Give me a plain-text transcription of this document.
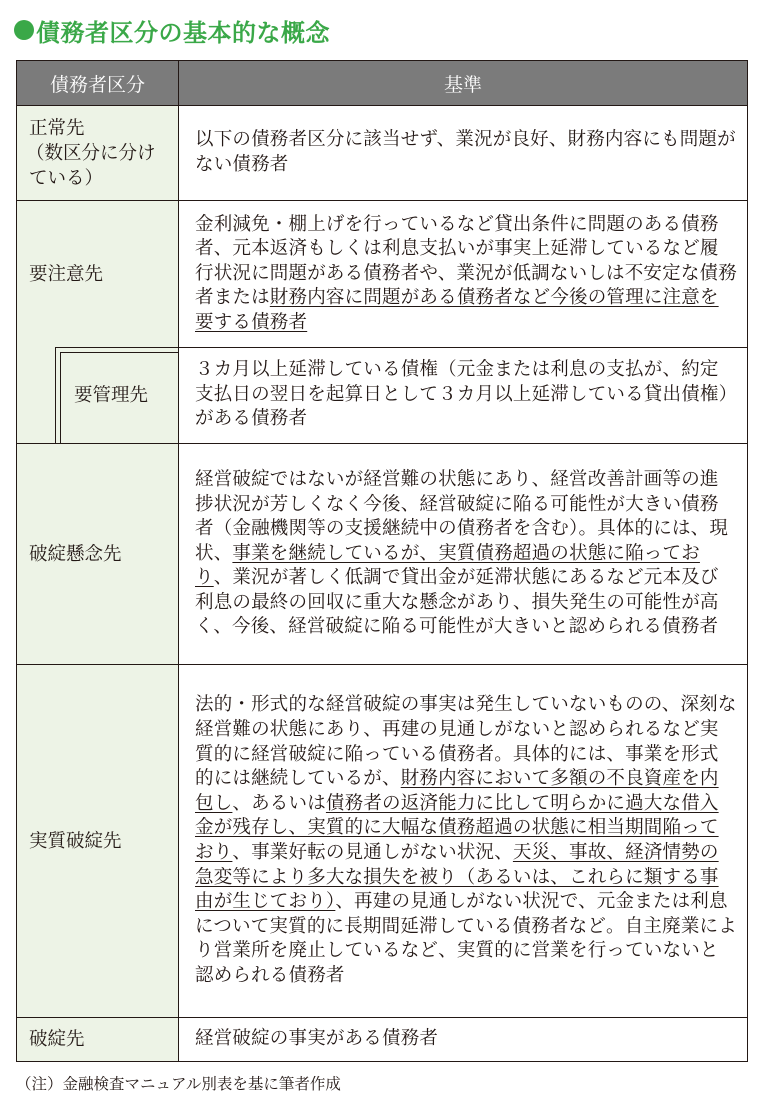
債務者区分の基本的な概念
債務者区分	基準
正常先
（数区分に分け
ている）
要注意先
要管理先
破綻懸念先
実質破綻先
破綻先

以下の債務者区分に該当せず、業況が良好、財務内容にも問題がない債務者

金利減免・棚上げを行っているなど貸出条件に問題のある債務者、元本返済もしくは利息支払いが事実上延滞しているなど履行状況に問題がある債務者や、業況が低調ないしは不安定な債務者または財務内容に問題がある債務者など今後の管理に注意を要する債務者

３カ月以上延滞している債権（元金または利息の支払が、約定支払日の翌日を起算日として３カ月以上延滞している貸出債権）がある債務者

経営破綻ではないが経営難の状態にあり、経営改善計画等の進捗状況が芳しくなく今後、経営破綻に陥る可能性が大きい債務者（金融機関等の支援継続中の債務者を含む）。具体的には、現状、事業を継続しているが、実質債務超過の状態に陥っており、業況が著しく低調で貸出金が延滞状態にあるなど元本及び利息の最終の回収に重大な懸念があり、損失発生の可能性が高く、今後、経営破綻に陥る可能性が大きいと認められる債務者

法的・形式的な経営破綻の事実は発生していないものの、深刻な経営難の状態にあり、再建の見通しがないと認められるなど実質的に経営破綻に陥っている債務者。具体的には、事業を形式的には継続しているが、財務内容において多額の不良資産を内包し、あるいは債務者の返済能力に比して明らかに過大な借入金が残存し、実質的に大幅な債務超過の状態に相当期間陥っており、事業好転の見通しがない状況、天災、事故、経済情勢の急変等により多大な損失を被り（あるいは、これらに類する事由が生じており）、再建の見通しがない状況で、元金または利息について実質的に長期間延滞している債務者など。自主廃業により営業所を廃止しているなど、実質的に営業を行っていないと認められる債務者

経営破綻の事実がある債務者

（注）金融検査マニュアル別表を基に筆者作成
